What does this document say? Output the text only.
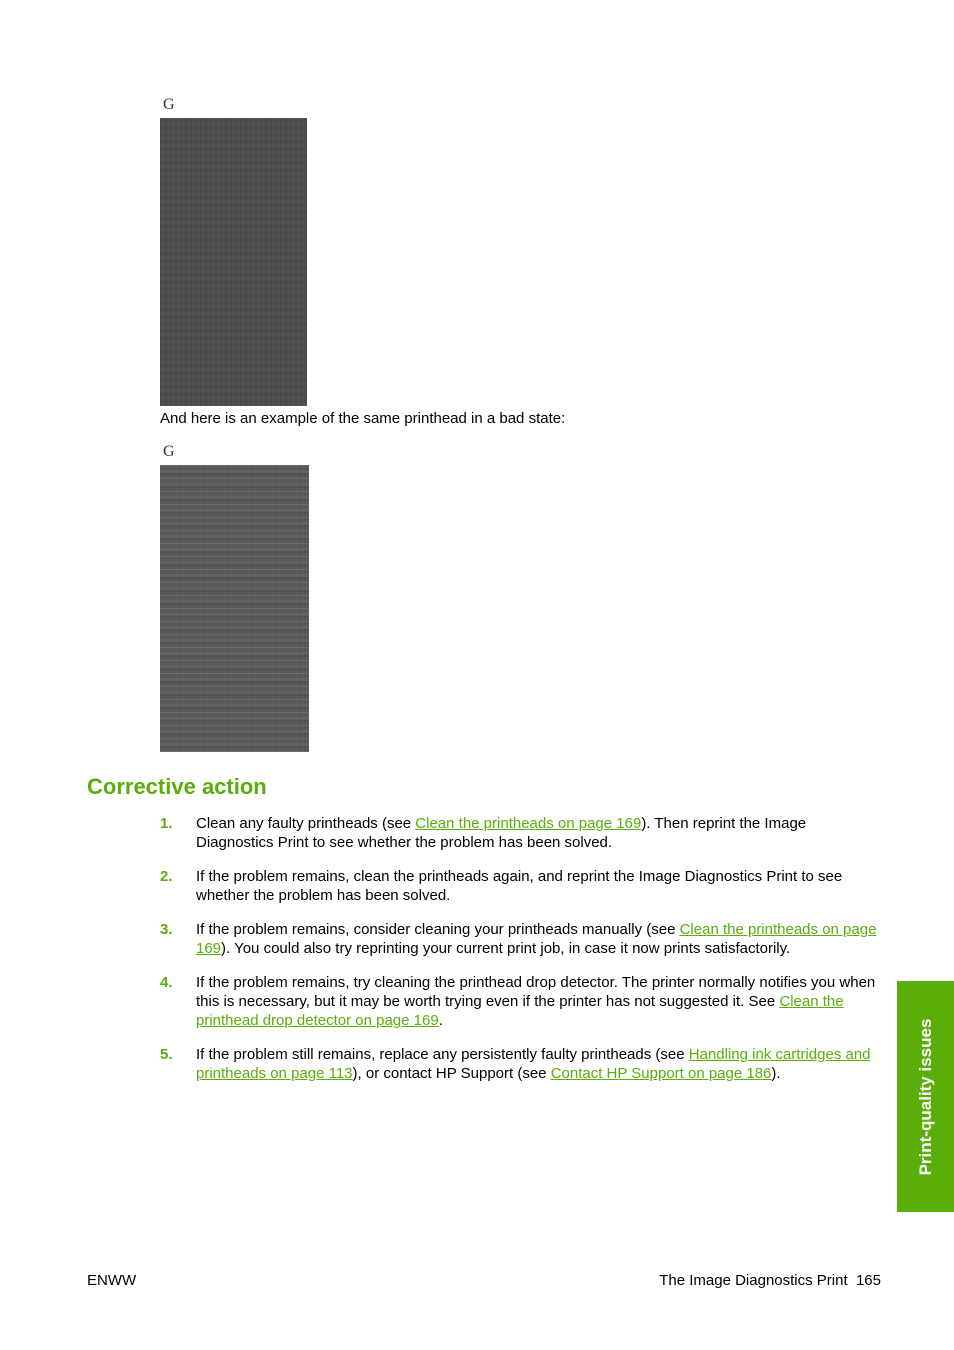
G
And here is an example of the same printhead in a bad state:
G
Corrective action
1. Clean any faulty printheads (see Clean the printheads on page 169). Then reprint the Image Diagnostics Print to see whether the problem has been solved.
2. If the problem remains, clean the printheads again, and reprint the Image Diagnostics Print to see whether the problem has been solved.
3. If the problem remains, consider cleaning your printheads manually (see Clean the printheads on page 169). You could also try reprinting your current print job, in case it now prints satisfactorily.
4. If the problem remains, try cleaning the printhead drop detector. The printer normally notifies you when this is necessary, but it may be worth trying even if the printer has not suggested it. See Clean the printhead drop detector on page 169.
5. If the problem still remains, replace any persistently faulty printheads (see Handling ink cartridges and printheads on page 113), or contact HP Support (see Contact HP Support on page 186).	Print-quality issues
ENWW	The Image Diagnostics Print  165
